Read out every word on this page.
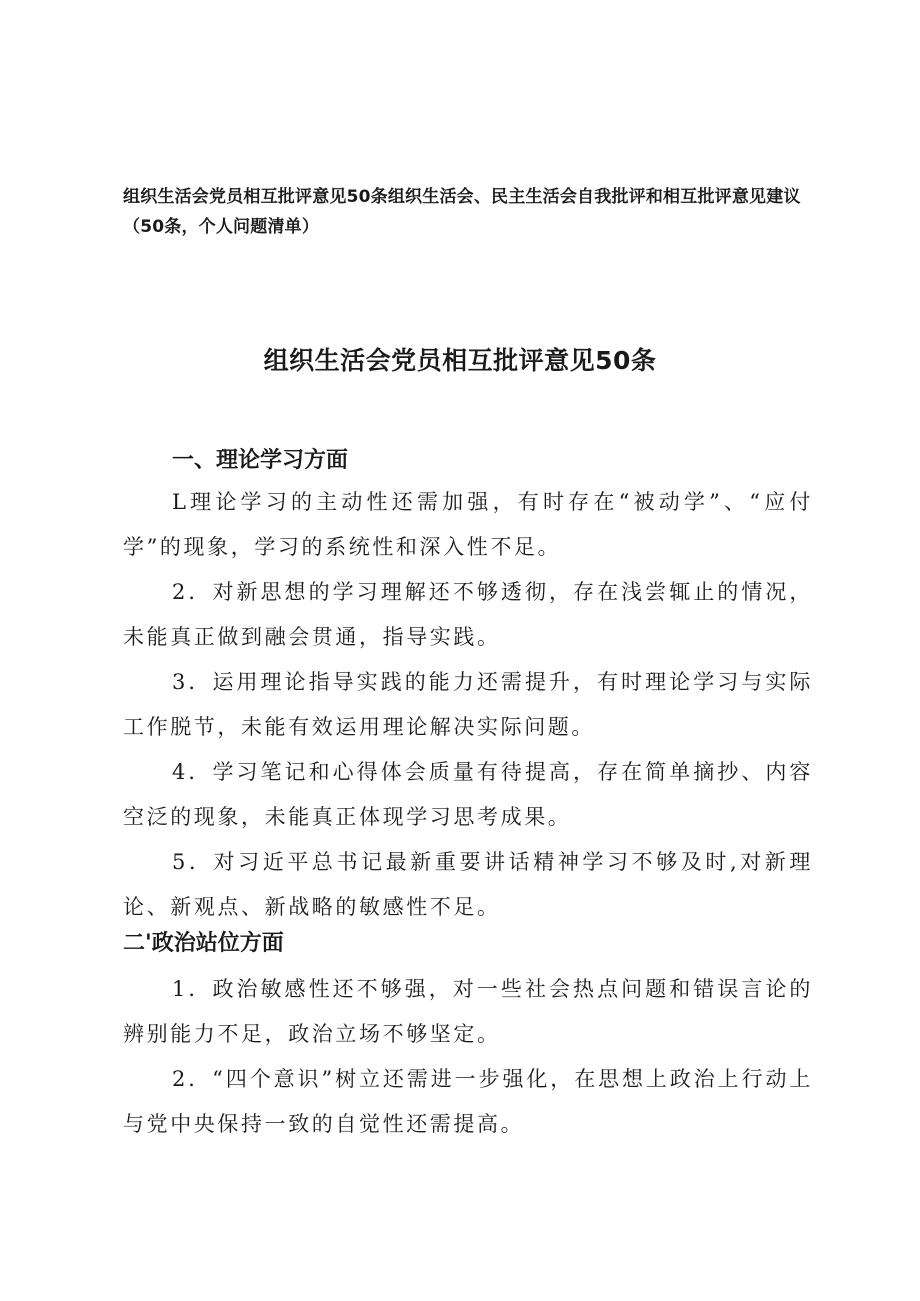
组织生活会党员相互批评意见50条组织生活会、民主生活会自我批评和相互批评意见建议（50条，个人问题清单）
组织生活会党员相互批评意见50条
一、理论学习方面
L理论学习的主动性还需加强，有时存在“被动学”、“应付学”的现象，学习的系统性和深入性不足。
2．对新思想的学习理解还不够透彻，存在浅尝辄止的情况，未能真正做到融会贯通，指导实践。
3．运用理论指导实践的能力还需提升，有时理论学习与实际工作脱节，未能有效运用理论解决实际问题。
4．学习笔记和心得体会质量有待提高，存在简单摘抄、内容空泛的现象，未能真正体现学习思考成果。
5．对习近平总书记最新重要讲话精神学习不够及时,对新理论、新观点、新战略的敏感性不足。
二'政治站位方面
1．政治敏感性还不够强，对一些社会热点问题和错误言论的辨别能力不足，政治立场不够坚定。
2．“四个意识”树立还需进一步强化，在思想上政治上行动上与党中央保持一致的自觉性还需提高。
